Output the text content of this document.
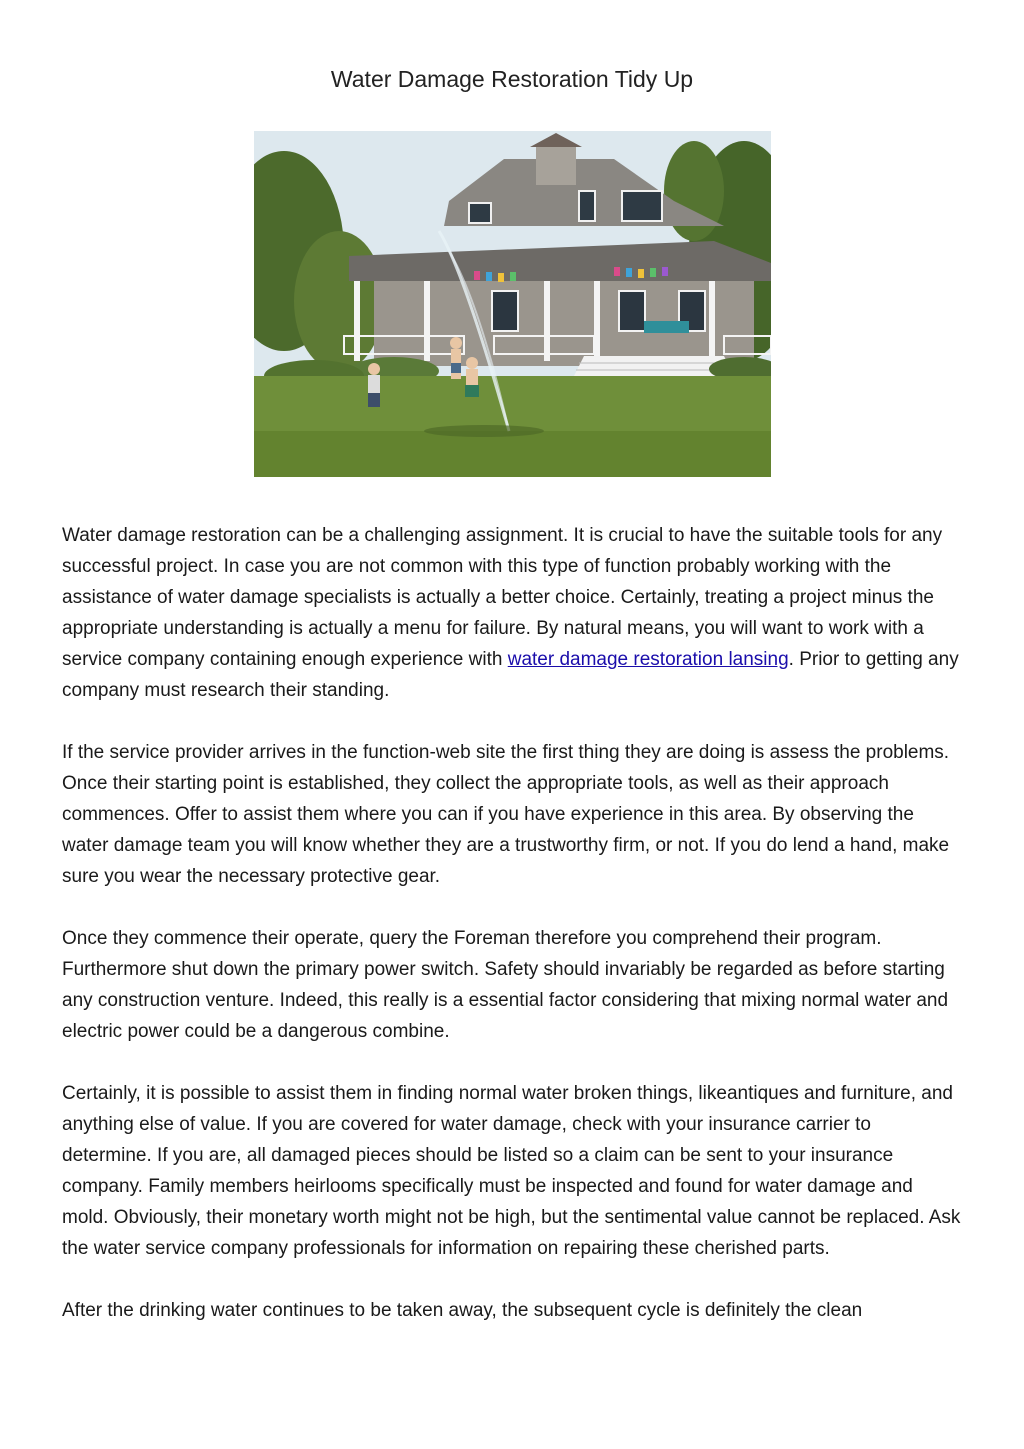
Water Damage Restoration Tidy Up

Water damage restoration can be a challenging assignment. It is crucial to have the suitable tools for any successful project. In case you are not common with this type of function probably working with the assistance of water damage specialists is actually a better choice. Certainly, treating a project minus the appropriate understanding is actually a menu for failure. By natural means, you will want to work with a service company containing enough experience with water damage restoration lansing. Prior to getting any company must research their standing.

If the service provider arrives in the function-web site the first thing they are doing is assess the problems. Once their starting point is established, they collect the appropriate tools, as well as their approach commences. Offer to assist them where you can if you have experience in this area. By observing the water damage team you will know whether they are a trustworthy firm, or not. If you do lend a hand, make sure you wear the necessary protective gear.

Once they commence their operate, query the Foreman therefore you comprehend their program. Furthermore shut down the primary power switch. Safety should invariably be regarded as before starting any construction venture. Indeed, this really is a essential factor considering that mixing normal water and electric power could be a dangerous combine.

Certainly, it is possible to assist them in finding normal water broken things, likeantiques and furniture, and anything else of value. If you are covered for water damage, check with your insurance carrier to determine. If you are, all damaged pieces should be listed so a claim can be sent to your insurance company. Family members heirlooms specifically must be inspected and found for water damage and mold. Obviously, their monetary worth might not be high, but the sentimental value cannot be replaced. Ask the water service company professionals for information on repairing these cherished parts.

After the drinking water continues to be taken away, the subsequent cycle is definitely the clean
